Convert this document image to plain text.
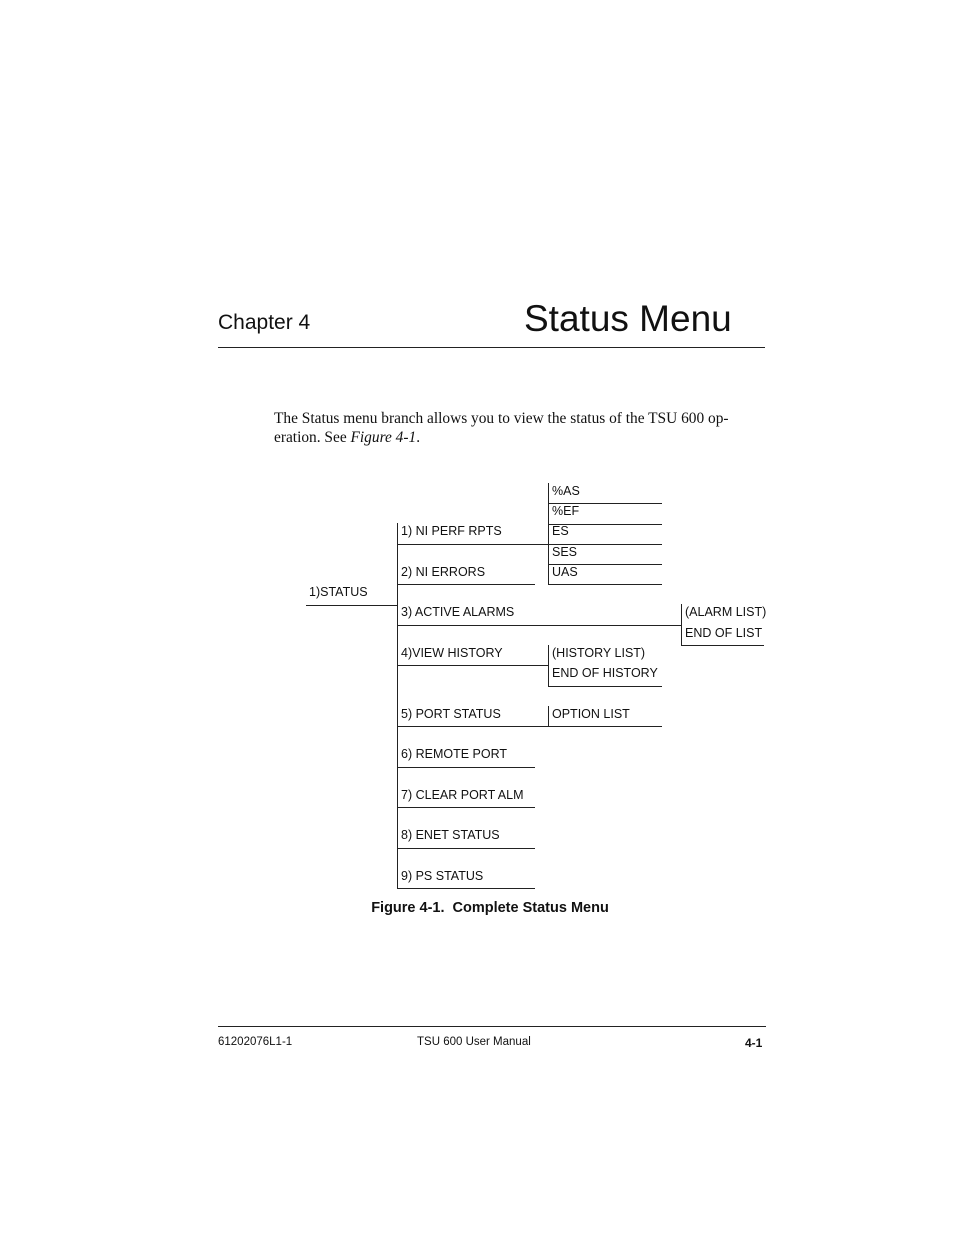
Chapter 4	Status Menu
The Status menu branch allows you to view the status of the TSU 600 op-eration. See Figure 4-1.
1)STATUS
1) NI PERF RPTS
2) NI ERRORS
3) ACTIVE ALARMS
4)VIEW HISTORY
5) PORT STATUS
6) REMOTE PORT
7) CLEAR PORT ALM
8) ENET STATUS
9) PS STATUS
%AS
%EF
ES
SES
UAS
(ALARM LIST)
END OF LIST
(HISTORY LIST)
END OF HISTORY
OPTION LIST
Figure 4-1. Complete Status Menu
61202076L1-1	TSU 600 User Manual	4-1
